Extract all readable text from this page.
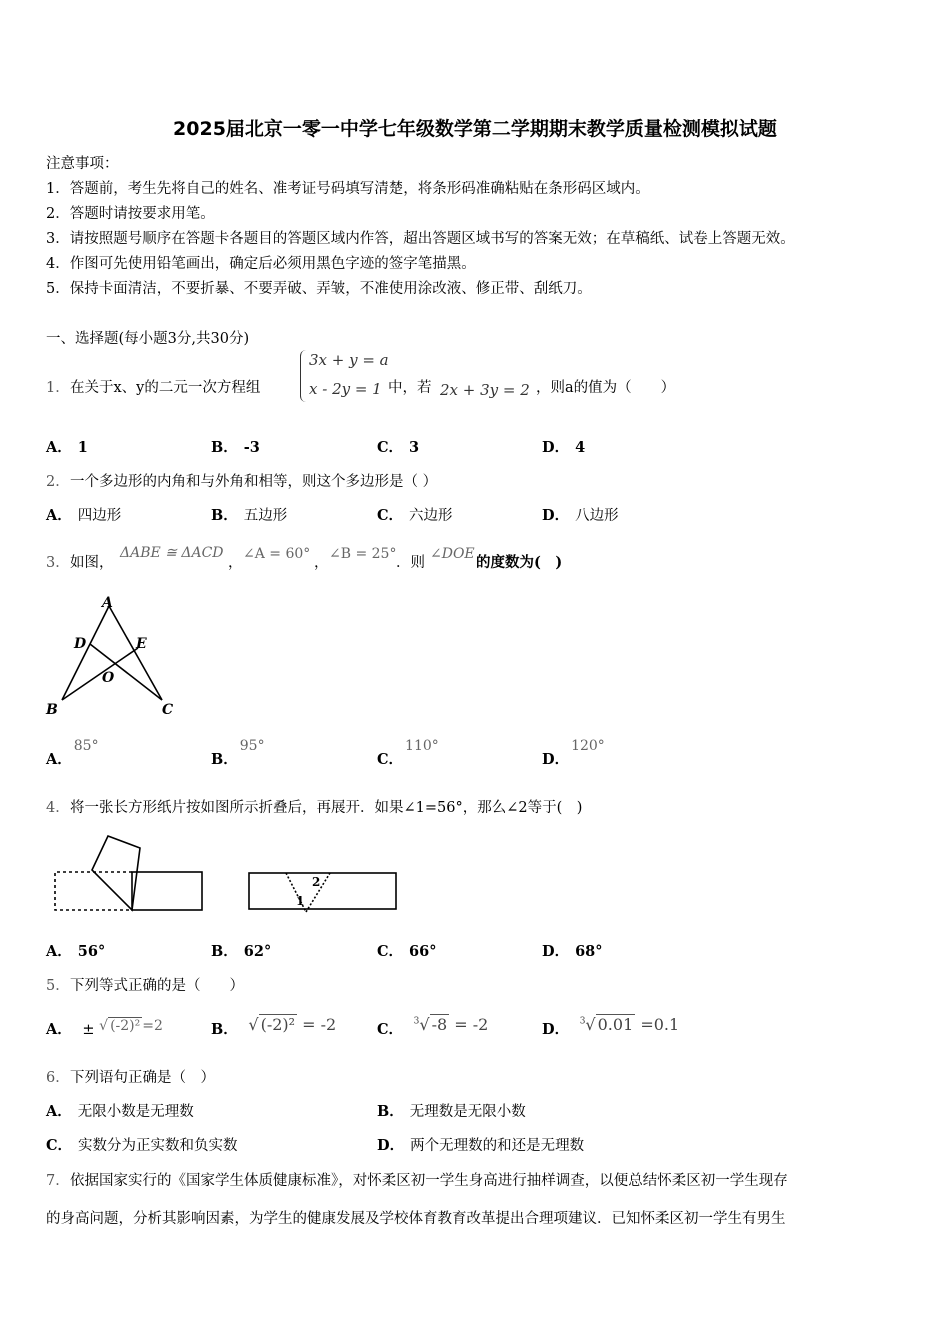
2025届北京一零一中学七年级数学第二学期期末教学质量检测模拟试题
注意事项：
1．答题前，考生先将自己的姓名、准考证号码填写清楚，将条形码准确粘贴在条形码区域内。
2．答题时请按要求用笔。
3．请按照题号顺序在答题卡各题目的答题区域内作答，超出答题区域书写的答案无效；在草稿纸、试卷上答题无效。
4．作图可先使用铅笔画出，确定后必须用黑色字迹的签字笔描黑。
5．保持卡面清洁，不要折暴、不要弄破、弄皱，不准使用涂改液、修正带、刮纸刀。
一、选择题(每小题3分,共30分)
1． 在关于x、y的二元一次方程组
3x + y = a
x - 2y = 1 中，若 2x + 3y = 2 ，则a的值为（　　）
A． 1	B． -3	C． 3	D． 4
2． 一个多边形的内角和与外角和相等，则这个多边形是（ ）
A． 四边形	B． 五边形	C． 六边形	D． 八边形
3． 如图，
ΔABE ≅ ΔACD
，
∠A = 60°
，
∠B = 25°
．则
∠DOE 的度数为(　)
A
D	E
O
B	C
A．85°
B．95°
C．110°
D．120°
4． 将一张长方形纸片按如图所示折叠后，再展开．如果∠1=56°，那么∠2等于(　)
2
1
A． 56°	B． 62°	C． 66°	D． 68°
5． 下列等式正确的是（　　）
A． ± √ (-2)² =2	B． √ (-2)² = -2	C． $^3$√ -8 = -2	D． $^3$√ 0.01 =0.1
6． 下列语句正确是（　）
A． 无限小数是无理数	B． 无理数是无限小数
C． 实数分为正实数和负实数	D． 两个无理数的和还是无理数
7． 依据国家实行的《国家学生体质健康标准》，对怀柔区初一学生身高进行抽样调查，以便总结怀柔区初一学生现存
的身高问题，分析其影响因素，为学生的健康发展及学校体育教育改革提出合理项建议．已知怀柔区初一学生有男生
